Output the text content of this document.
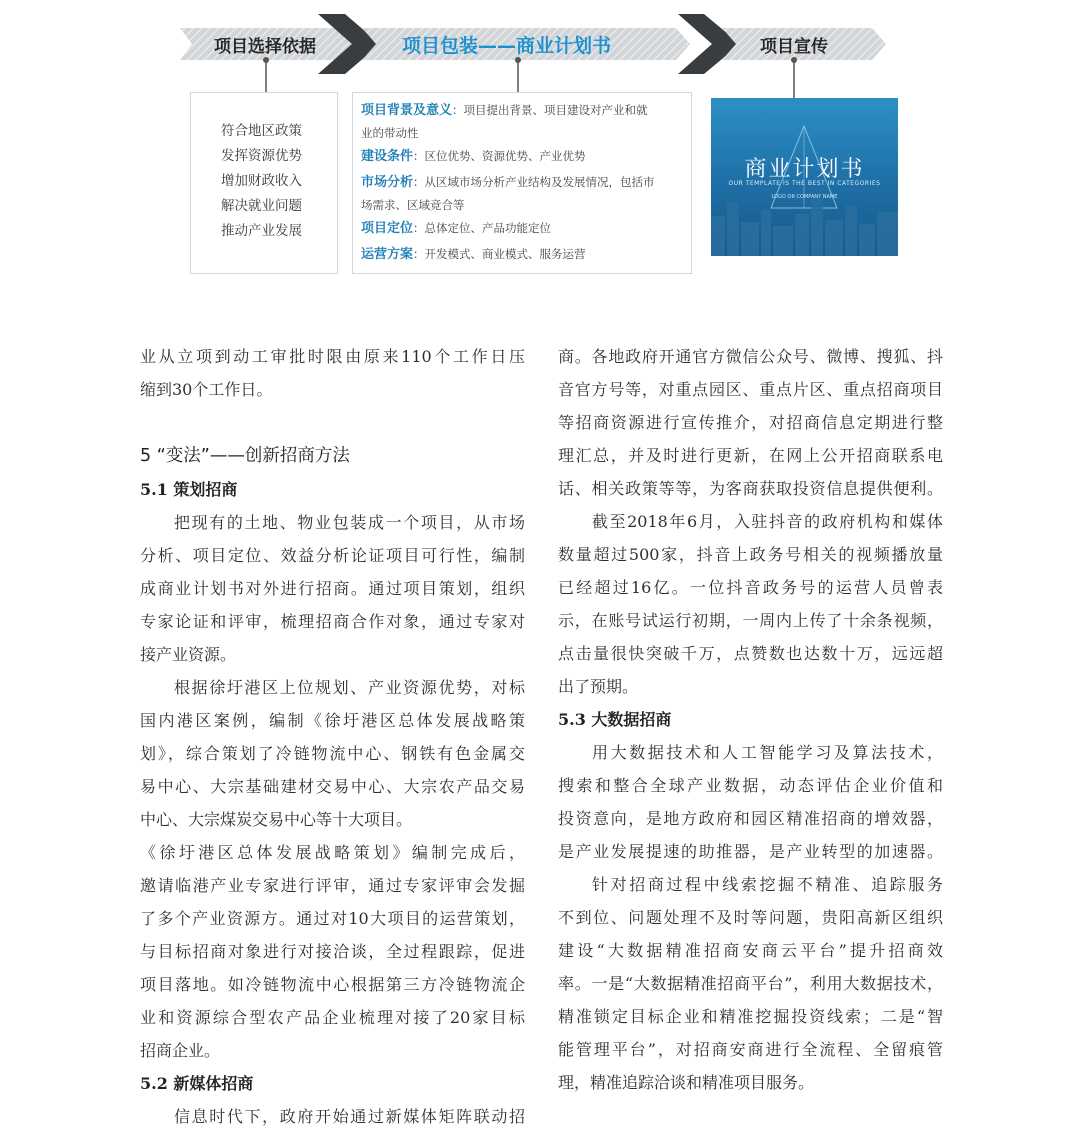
项目选择依据	项目包装——商业计划书	项目宣传
符合地区政策
发挥资源优势
增加财政收入
解决就业问题
推动产业发展
项目背景及意义：项目提出背景、项目建设对产业和就
业的带动性
建设条件：区位优势、资源优势、产业优势
市场分析：从区域市场分析产业结构及发展情况，包括市
场需求、区域竞合等
项目定位：总体定位、产品功能定位
运营方案：开发模式、商业模式、服务运营
商业计划书
OUR TEMPLATE IS THE BEST IN CATEGORIES
LOGO OR COMPANY NAME
业从立项到动工审批时限由原来110个工作日压
缩到30个工作日。
5 “变法”——创新招商方法
5.1 策划招商
把现有的土地、物业包装成一个项目，从市场
分析、项目定位、效益分析论证项目可行性，编制
成商业计划书对外进行招商。通过项目策划，组织
专家论证和评审，梳理招商合作对象，通过专家对
接产业资源。
根据徐圩港区上位规划、产业资源优势，对标
国内港区案例，编制《徐圩港区总体发展战略策
划》，综合策划了冷链物流中心、钢铁有色金属交
易中心、大宗基础建材交易中心、大宗农产品交易
中心、大宗煤炭交易中心等十大项目。
《徐圩港区总体发展战略策划》编制完成后，
邀请临港产业专家进行评审，通过专家评审会发掘
了多个产业资源方。通过对10大项目的运营策划，
与目标招商对象进行对接洽谈，全过程跟踪，促进
项目落地。如冷链物流中心根据第三方冷链物流企
业和资源综合型农产品企业梳理对接了20家目标
招商企业。
5.2 新媒体招商
信息时代下，政府开始通过新媒体矩阵联动招
商。各地政府开通官方微信公众号、微博、搜狐、抖
音官方号等，对重点园区、重点片区、重点招商项目
等招商资源进行宣传推介，对招商信息定期进行整
理汇总，并及时进行更新，在网上公开招商联系电
话、相关政策等等，为客商获取投资信息提供便利。
截至2018年6月，入驻抖音的政府机构和媒体
数量超过500家，抖音上政务号相关的视频播放量
已经超过16亿。一位抖音政务号的运营人员曾表
示，在账号试运行初期，一周内上传了十余条视频，
点击量很快突破千万，点赞数也达数十万，远远超
出了预期。
5.3 大数据招商
用大数据技术和人工智能学习及算法技术，
搜索和整合全球产业数据，动态评估企业价值和
投资意向，是地方政府和园区精准招商的增效器，
是产业发展提速的助推器，是产业转型的加速器。
针对招商过程中线索挖掘不精准、追踪服务
不到位、问题处理不及时等问题，贵阳高新区组织
建设“大数据精准招商安商云平台”提升招商效
率。一是“大数据精准招商平台”，利用大数据技术，
精准锁定目标企业和精准挖掘投资线索；二是“智
能管理平台”，对招商安商进行全流程、全留痕管
理，精准追踪洽谈和精准项目服务。
